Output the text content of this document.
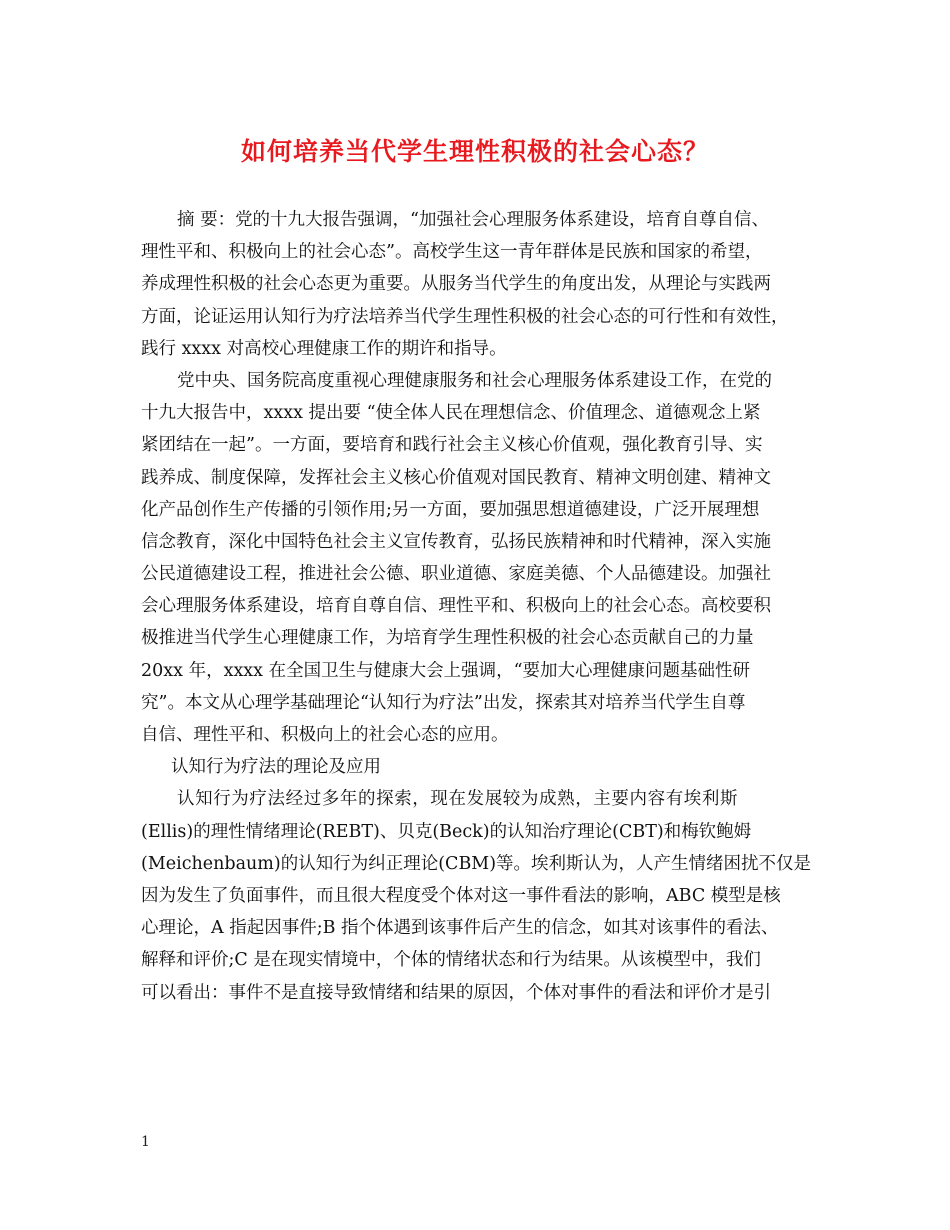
如何培养当代学生理性积极的社会心态？
摘 要：党的十九大报告强调，“加强社会心理服务体系建设，培育自尊自信、
理性平和、积极向上的社会心态”。高校学生这一青年群体是民族和国家的希望，
养成理性积极的社会心态更为重要。从服务当代学生的角度出发，从理论与实践两
方面，论证运用认知行为疗法培养当代学生理性积极的社会心态的可行性和有效性，
践行 xxxx 对高校心理健康工作的期许和指导。
党中央、国务院高度重视心理健康服务和社会心理服务体系建设工作，在党的
十九大报告中，xxxx 提出要 “使全体人民在理想信念、价值理念、道德观念上紧
紧团结在一起”。一方面，要培育和践行社会主义核心价值观，强化教育引导、实
践养成、制度保障，发挥社会主义核心价值观对国民教育、精神文明创建、精神文
化产品创作生产传播的引领作用;另一方面，要加强思想道德建设，广泛开展理想
信念教育，深化中国特色社会主义宣传教育，弘扬民族精神和时代精神，深入实施
公民道德建设工程，推进社会公德、职业道德、家庭美德、个人品德建设。加强社
会心理服务体系建设，培育自尊自信、理性平和、积极向上的社会心态。高校要积
极推进当代学生心理健康工作，为培育学生理性积极的社会心态贡献自己的力量
20xx 年，xxxx 在全国卫生与健康大会上强调，“要加大心理健康问题基础性研
究”。本文从心理学基础理论“认知行为疗法”出发，探索其对培养当代学生自尊
自信、理性平和、积极向上的社会心态的应用。
认知行为疗法的理论及应用
认知行为疗法经过多年的探索，现在发展较为成熟，主要内容有埃利斯
(Ellis)的理性情绪理论(REBT)、贝克(Beck)的认知治疗理论(CBT)和梅钦鲍姆
(Meichenbaum)的认知行为纠正理论(CBM)等。埃利斯认为，人产生情绪困扰不仅是
因为发生了负面事件，而且很大程度受个体对这一事件看法的影响，ABC 模型是核
心理论，A 指起因事件;B 指个体遇到该事件后产生的信念，如其对该事件的看法、
解释和评价;C 是在现实情境中，个体的情绪状态和行为结果。从该模型中，我们
可以看出：事件不是直接导致情绪和结果的原因，个体对事件的看法和评价才是引
1
